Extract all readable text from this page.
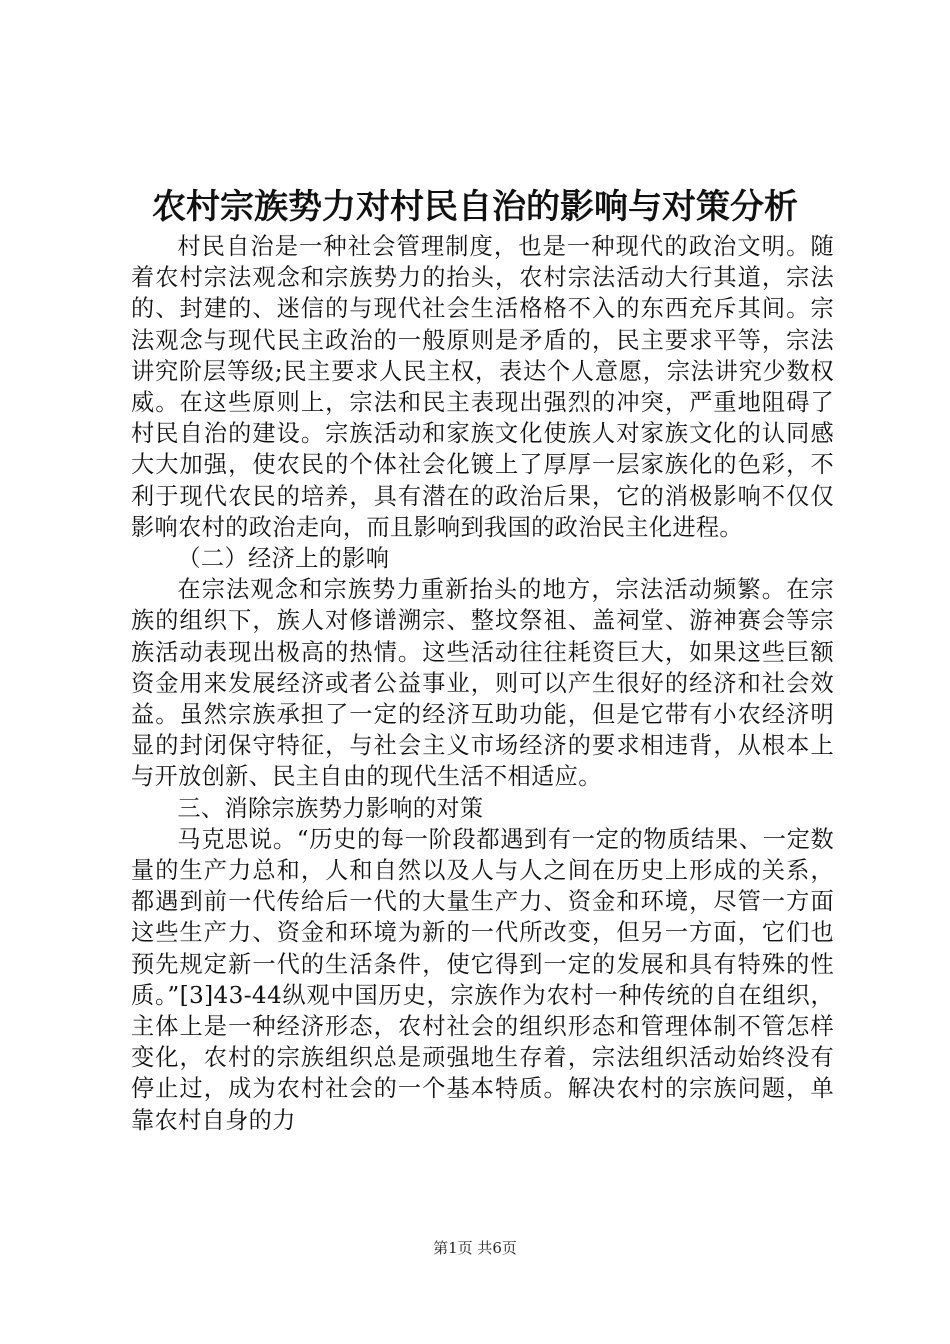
农村宗族势力对村民自治的影响与对策分析

村民自治是一种社会管理制度，也是一种现代的政治文明。随着农村宗法观念和宗族势力的抬头，农村宗法活动大行其道，宗法的、封建的、迷信的与现代社会生活格格不入的东西充斥其间。宗法观念与现代民主政治的一般原则是矛盾的，民主要求平等，宗法讲究阶层等级;民主要求人民主权，表达个人意愿，宗法讲究少数权威。在这些原则上，宗法和民主表现出强烈的冲突，严重地阻碍了村民自治的建设。宗族活动和家族文化使族人对家族文化的认同感大大加强，使农民的个体社会化镀上了厚厚一层家族化的色彩，不利于现代农民的培养，具有潜在的政治后果，它的消极影响不仅仅影响农村的政治走向，而且影响到我国的政治民主化进程。

（二）经济上的影响

在宗法观念和宗族势力重新抬头的地方，宗法活动频繁。在宗族的组织下，族人对修谱溯宗、整坟祭祖、盖祠堂、游神赛会等宗族活动表现出极高的热情。这些活动往往耗资巨大，如果这些巨额资金用来发展经济或者公益事业，则可以产生很好的经济和社会效益。虽然宗族承担了一定的经济互助功能，但是它带有小农经济明显的封闭保守特征，与社会主义市场经济的要求相违背，从根本上与开放创新、民主自由的现代生活不相适应。

三、消除宗族势力影响的对策

马克思说。“历史的每一阶段都遇到有一定的物质结果、一定数量的生产力总和，人和自然以及人与人之间在历史上形成的关系，都遇到前一代传给后一代的大量生产力、资金和环境，尽管一方面这些生产力、资金和环境为新的一代所改变，但另一方面，它们也预先规定新一代的生活条件，使它得到一定的发展和具有特殊的性质。”[3]43-44纵观中国历史，宗族作为农村一种传统的自在组织，主体上是一种经济形态，农村社会的组织形态和管理体制不管怎样变化，农村的宗族组织总是顽强地生存着，宗法组织活动始终没有停止过，成为农村社会的一个基本特质。解决农村的宗族问题，单靠农村自身的力

第1页 共6页
